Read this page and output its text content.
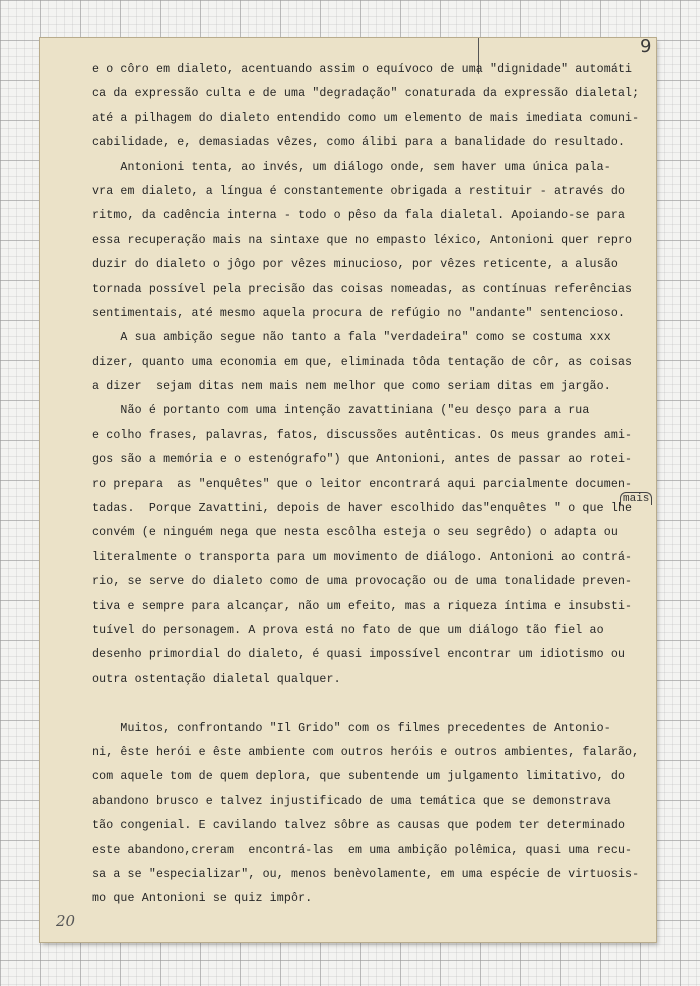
9
20
mais
e o côro em dialeto, acentuando assim o equívoco de uma "dignidade" automáti
ca da expressão culta e de uma "degradação" conaturada da expressão dialetal;
até a pilhagem do dialeto entendido como um elemento de mais imediata comuni-
cabilidade, e, demasiadas vêzes, como álibi para a banalidade do resultado.
Antonioni tenta, ao invés, um diálogo onde, sem haver uma única pala-
vra em dialeto, a língua é constantemente obrigada a restituir - através do
ritmo, da cadência interna - todo o pêso da fala dialetal. Apoiando-se para
essa recuperação mais na sintaxe que no empasto léxico, Antonioni quer repro
duzir do dialeto o jôgo por vêzes minucioso, por vêzes reticente, a alusão
tornada possível pela precisão das coisas nomeadas, as contínuas referências
sentimentais, até mesmo aquela procura de refúgio no "andante" sentencioso.
A sua ambição segue não tanto a fala "verdadeira" como se costuma xxx
dizer, quanto uma economia em que, eliminada tôda tentação de côr, as coisas
a dizer  sejam ditas nem mais nem melhor que como seriam ditas em jargão.
Não é portanto com uma intenção zavattiniana ("eu desço para a rua
e colho frases, palavras, fatos, discussões autênticas. Os meus grandes ami-
gos são a memória e o estenógrafo") que Antonioni, antes de passar ao rotei-
ro prepara  as "enquêtes" que o leitor encontrará aqui parcialmente documen-
tadas.  Porque Zavattini, depois de haver escolhido das"enquêtes " o que lhe
convém (e ninguém nega que nesta escôlha esteja o seu segrêdo) o adapta ou
literalmente o transporta para um movimento de diálogo. Antonioni ao contrá-
rio, se serve do dialeto como de uma provocação ou de uma tonalidade preven-
tiva e sempre para alcançar, não um efeito, mas a riqueza íntima e insubsti-
tuível do personagem. A prova está no fato de que um diálogo tão fiel ao
desenho primordial do dialeto, é quasi impossível encontrar um idiotismo ou
outra ostentação dialetal qualquer.
Muitos, confrontando "Il Grido" com os filmes precedentes de Antonio-
ni, êste herói e êste ambiente com outros heróis e outros ambientes, falarão,
com aquele tom de quem deplora, que subentende um julgamento limitativo, do
abandono brusco e talvez injustificado de uma temática que se demonstrava
tão congenial. E cavilando talvez sôbre as causas que podem ter determinado
este abandono,creram  encontrá-las  em uma ambição polêmica, quasi uma recu-
sa a se "especializar", ou, menos benèvolamente, em uma espécie de virtuosis-
mo que Antonioni se quiz impôr.
